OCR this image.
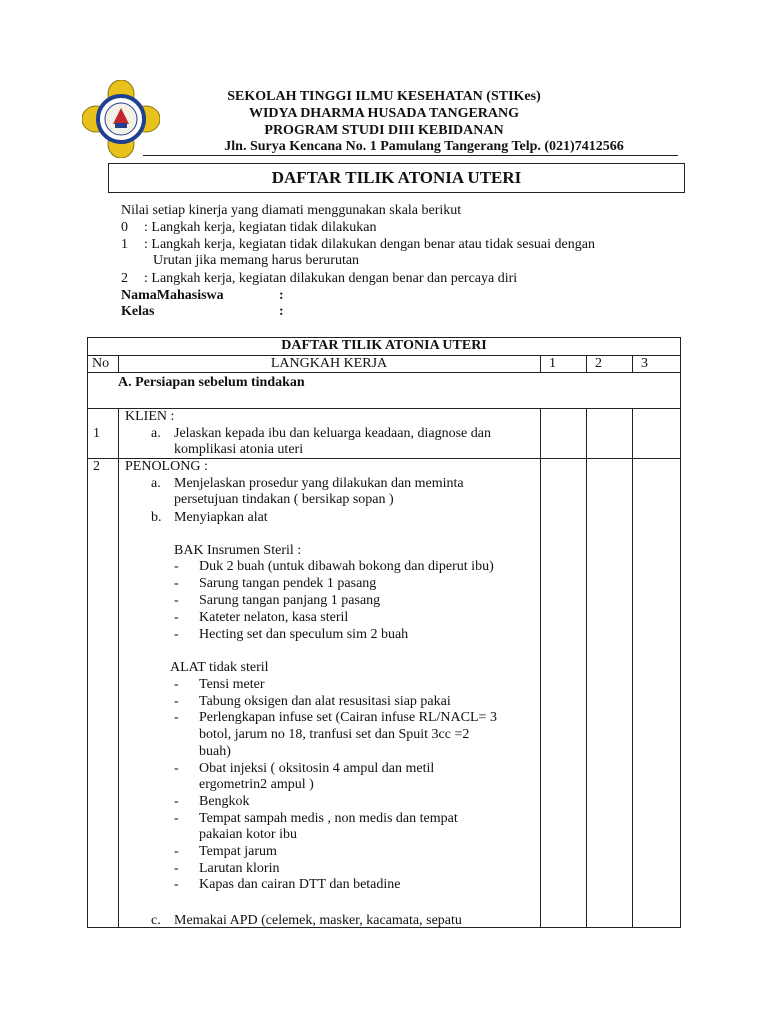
SEKOLAH TINGGI ILMU KESEHATAN (STIKes)
WIDYA DHARMA HUSADA TANGERANG
PROGRAM STUDI DIII KEBIDANAN
Jln. Surya Kencana No. 1 Pamulang Tangerang Telp. (021)7412566
DAFTAR TILIK ATONIA UTERI
Nilai setiap kinerja yang diamati menggunakan skala berikut
0 : Langkah kerja, kegiatan tidak dilakukan
1 : Langkah kerja, kegiatan tidak dilakukan dengan benar atau tidak sesuai dengan
Urutan jika memang harus berurutan
2 : Langkah kerja, kegiatan dilakukan dengan benar dan percaya diri
NamaMahasiswa	:
Kelas	:
DAFTAR TILIK ATONIA UTERI
No	LANGKAH KERJA	1	2	3
A. Persiapan sebelum tindakan
1
KLIEN :
a. Jelaskan kepada ibu dan keluarga keadaan, diagnose dan
komplikasi atonia uteri
2 PENOLONG :
a. Menjelaskan prosedur yang dilakukan dan meminta
persetujuan tindakan ( bersikap sopan )
b. Menyiapkan alat
BAK Insrumen Steril :
- Duk 2 buah (untuk dibawah bokong dan diperut ibu)
- Sarung tangan pendek 1 pasang
- Sarung tangan panjang 1 pasang
- Kateter nelaton, kasa steril
- Hecting set dan speculum sim 2 buah
ALAT tidak steril
- Tensi meter
- Tabung oksigen dan alat resusitasi siap pakai
- Perlengkapan infuse set (Cairan infuse RL/NACL= 3
botol, jarum no 18, tranfusi set dan Spuit 3cc =2
buah)
- Obat injeksi ( oksitosin 4 ampul dan metil
ergometrin2 ampul )
- Bengkok
- Tempat sampah medis , non medis dan tempat
pakaian kotor ibu
- Tempat jarum
- Larutan klorin
- Kapas dan cairan DTT dan betadine
c. Memakai APD (celemek, masker, kacamata, sepatu
